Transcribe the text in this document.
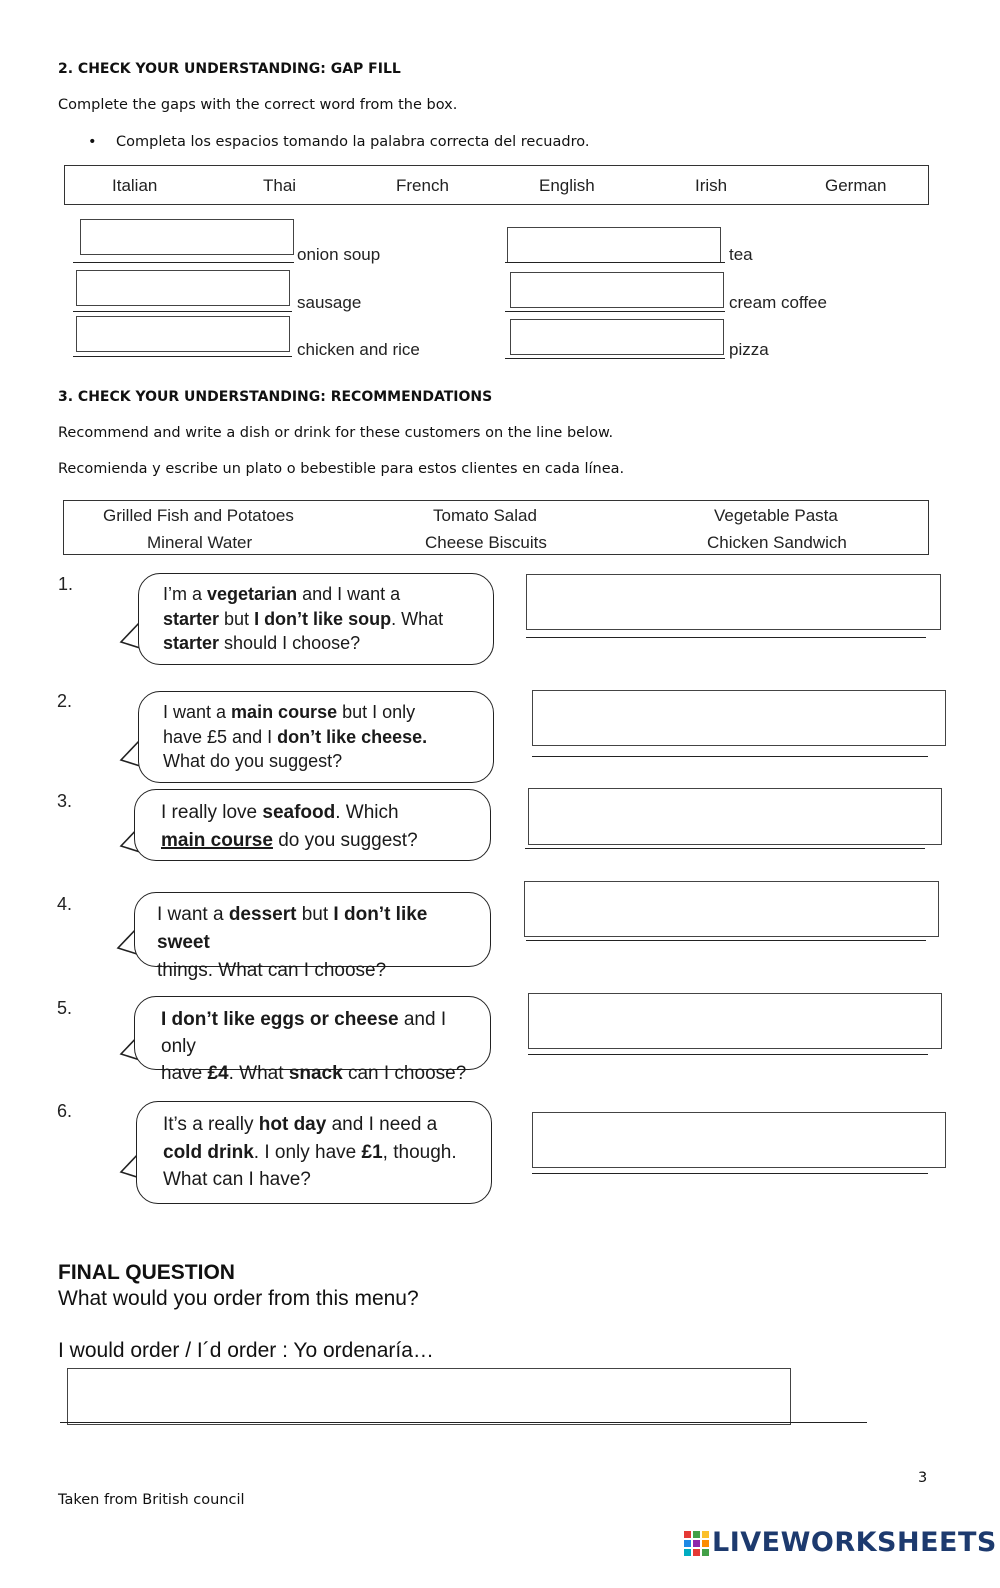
2. CHECK YOUR UNDERSTANDING: GAP FILL
Complete the gaps with the correct word from the box.
• Completa los espacios tomando la palabra correcta del recuadro.
Italian	Thai	French	English	Irish	German
onion soup
sausage
chicken and rice
tea
cream coffee
pizza
3. CHECK YOUR UNDERSTANDING: RECOMMENDATIONS
Recommend and write a dish or drink for these customers on the line below.
Recomienda y escribe un plato o bebestible para estos clientes en cada línea.
Grilled Fish and Potatoes	Tomato Salad	Vegetable Pasta
Mineral Water	Cheese Biscuits	Chicken Sandwich
1.
2.
3.
4.
5.
6.
I’m a vegetarian and I want a
starter but I don’t like soup. What
starter should I choose?
I want a main course but I only
have £5 and I don’t like cheese.
What do you suggest?
I really love seafood. Which
main course do you suggest?
I want a dessert but I don’t like sweet
things. What can I choose?
I don’t like eggs or cheese and I only
have £4. What snack can I choose?
It’s a really hot day and I need a
cold drink. I only have £1, though.
What can I have?
FINAL QUESTION
What would you order from this menu?
I would order / I´d order : Yo ordenaría…
3
Taken from British council
LIVEWORKSHEETS
